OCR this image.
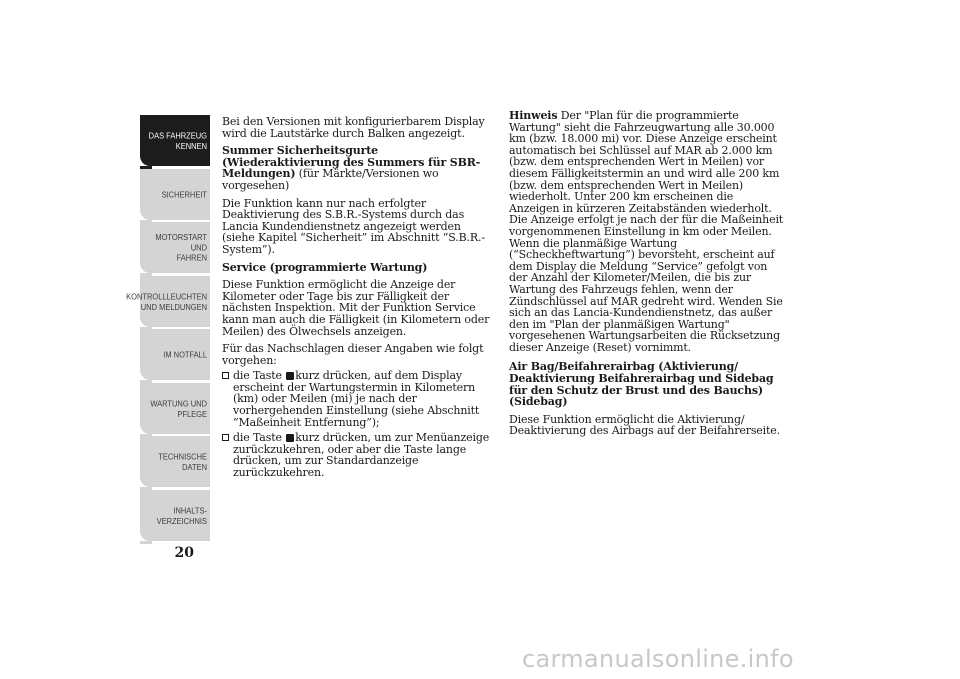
DAS FAHRZEUG
KENNEN
SICHERHEIT
MOTORSTART UND
FAHREN
KONTROLLLEUCHTEN
UND MELDUNGEN
IM NOTFALL
WARTUNG UND
PFLEGE
TECHNISCHE
DATEN
INHALTS-
VERZEICHNIS
20

Bei den Versionen mit konfigurierbarem Display wird die Lautstärke durch Balken angezeigt.

Summer Sicherheitsgurte (Wiederaktivierung des Summers für SBR-Meldungen) (für Märkte/Versionen wo vorgesehen)

Die Funktion kann nur nach erfolgter Deaktivierung des S.B.R.-Systems durch das Lancia Kundendienstnetz angezeigt werden (siehe Kapitel “Sicherheit” im Abschnitt “S.B.R.-System”).

Service (programmierte Wartung)

Diese Funktion ermöglicht die Anzeige der Kilometer oder Tage bis zur Fälligkeit der nächsten Inspektion. Mit der Funktion Service kann man auch die Fälligkeit (in Kilometern oder Meilen) des Ölwechsels anzeigen.

Für das Nachschlagen dieser Angaben wie folgt vorgehen:

die Taste kurz drücken, auf dem Display erscheint der Wartungstermin in Kilometern (km) oder Meilen (mi) je nach der vorhergehenden Einstellung (siehe Abschnitt “Maßeinheit Entfernung”);
die Taste kurz drücken, um zur Menüanzeige zurückzukehren, oder aber die Taste lange drücken, um zur Standardanzeige zurückzukehren.

Hinweis Der "Plan für die programmierte Wartung" sieht die Fahrzeugwartung alle 30.000 km (bzw. 18.000 mi) vor. Diese Anzeige erscheint automatisch bei Schlüssel auf MAR ab 2.000 km (bzw. dem entsprechenden Wert in Meilen) vor diesem Fälligkeitstermin an und wird alle 200 km (bzw. dem entsprechenden Wert in Meilen) wiederholt. Unter 200 km erscheinen die Anzeigen in kürzeren Zeitabständen wiederholt. Die Anzeige erfolgt je nach der für die Maßeinheit vorgenommenen Einstellung in km oder Meilen. Wenn die planmäßige Wartung (“Scheckheftwartung”) bevorsteht, erscheint auf dem Display die Meldung “Service” gefolgt von der Anzahl der Kilometer/Meilen, die bis zur Wartung des Fahrzeugs fehlen, wenn der Zündschlüssel auf MAR gedreht wird. Wenden Sie sich an das Lancia-Kundendienstnetz, das außer den im "Plan der planmäßigen Wartung" vorgesehenen Wartungsarbeiten die Rücksetzung dieser Anzeige (Reset) vornimmt.

Air Bag/Beifahrerairbag (Aktivierung/ Deaktivierung Beifahrerairbag und Sidebag für den Schutz der Brust und des Bauchs) (Sidebag)

Diese Funktion ermöglicht die Aktivierung/ Deaktivierung des Airbags auf der Beifahrerseite.

carmanualsonline.info
